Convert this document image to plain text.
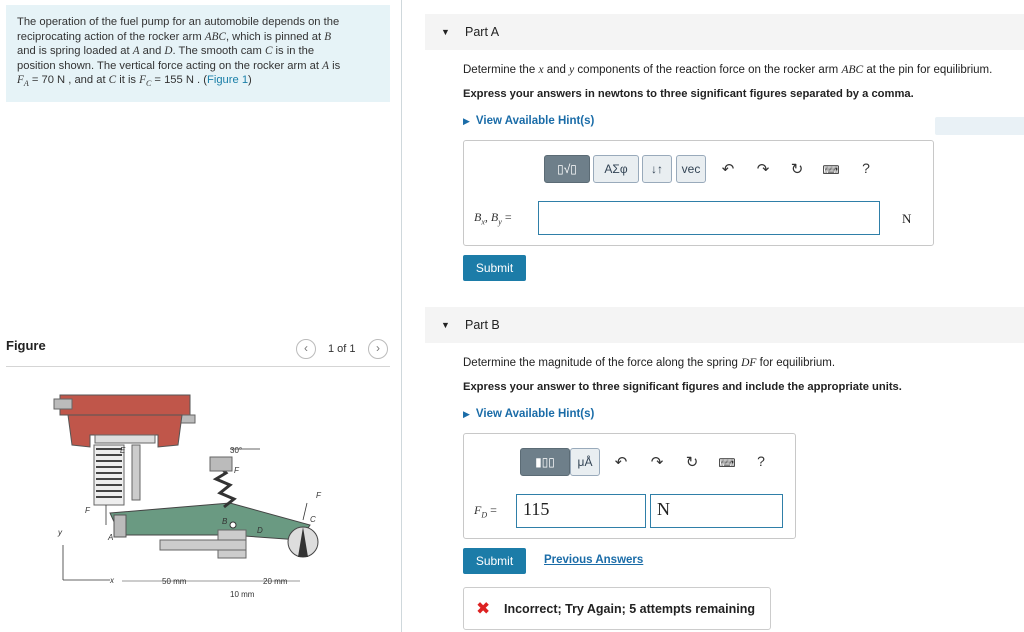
The operation of the fuel pump for an automobile depends on the
reciprocating action of the rocker arm ABC, which is pinned at B
and is spring loaded at A and D. The smooth cam C is in the
position shown. The vertical force acting on the rocker arm at A is
$F_A = 70$ N , and at C it is $F_C = 155$ N . (Figure 1)
Figure	‹	1 of 1	›
E
F
30°
D
B	C
F
F
A
y
x	50 mm	20 mm
10 mm
▼ Part A
Determine the x and y components of the reaction force on the rocker arm ABC at the pin for equilibrium.
Express your answers in newtons to three significant figures separated by a comma.
▶ View Available Hint(s)
▯√▯	ΑΣφ	↓↑	vec	↶ ↷ ↻ ⌨	?
$B_x$, $B_y$ =	N
Submit
▼ Part B
Determine the magnitude of the force along the spring DF for equilibrium.
Express your answer to three significant figures and include the appropriate units.
▶ View Available Hint(s)
▮▯▯	μÅ	↶ ↷ ↻ ⌨	?
$F_D$ =	115	N
Submit	Previous Answers
✖ Incorrect; Try Again; 5 attempts remaining
